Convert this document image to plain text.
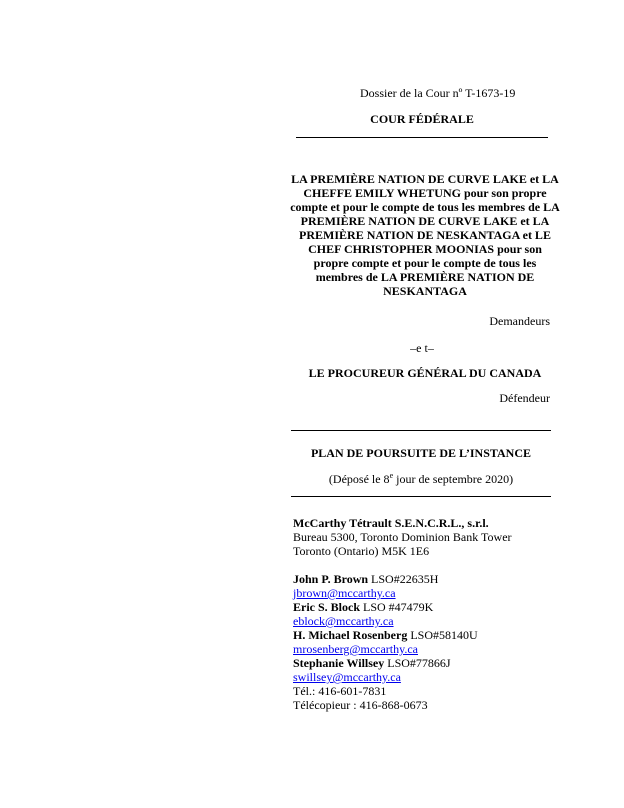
Dossier de la Cour nº T-1673-19
COUR FÉDÉRALE
LA PREMIÈRE NATION DE CURVE LAKE et LA
CHEFFE EMILY WHETUNG pour son propre
compte et pour le compte de tous les membres de LA
PREMIÈRE NATION DE CURVE LAKE et LA
PREMIÈRE NATION DE NESKANTAGA et LE
CHEF CHRISTOPHER MOONIAS pour son
propre compte et pour le compte de tous les
membres de LA PREMIÈRE NATION DE
NESKANTAGA
Demandeurs
–e t–
LE PROCUREUR GÉNÉRAL DU CANADA
Défendeur
PLAN DE POURSUITE DE L’INSTANCE
(Déposé le 8e jour de septembre 2020)
McCarthy Tétrault S.E.N.C.R.L., s.r.l.
Bureau 5300, Toronto Dominion Bank Tower
Toronto (Ontario) M5K 1E6
John P. Brown LSO#22635H
jbrown@mccarthy.ca
Eric S. Block LSO #47479K
eblock@mccarthy.ca
H. Michael Rosenberg LSO#58140U
mrosenberg@mccarthy.ca
Stephanie Willsey LSO#77866J
swillsey@mccarthy.ca
Tél.: 416-601-7831
Télécopieur : 416-868-0673
